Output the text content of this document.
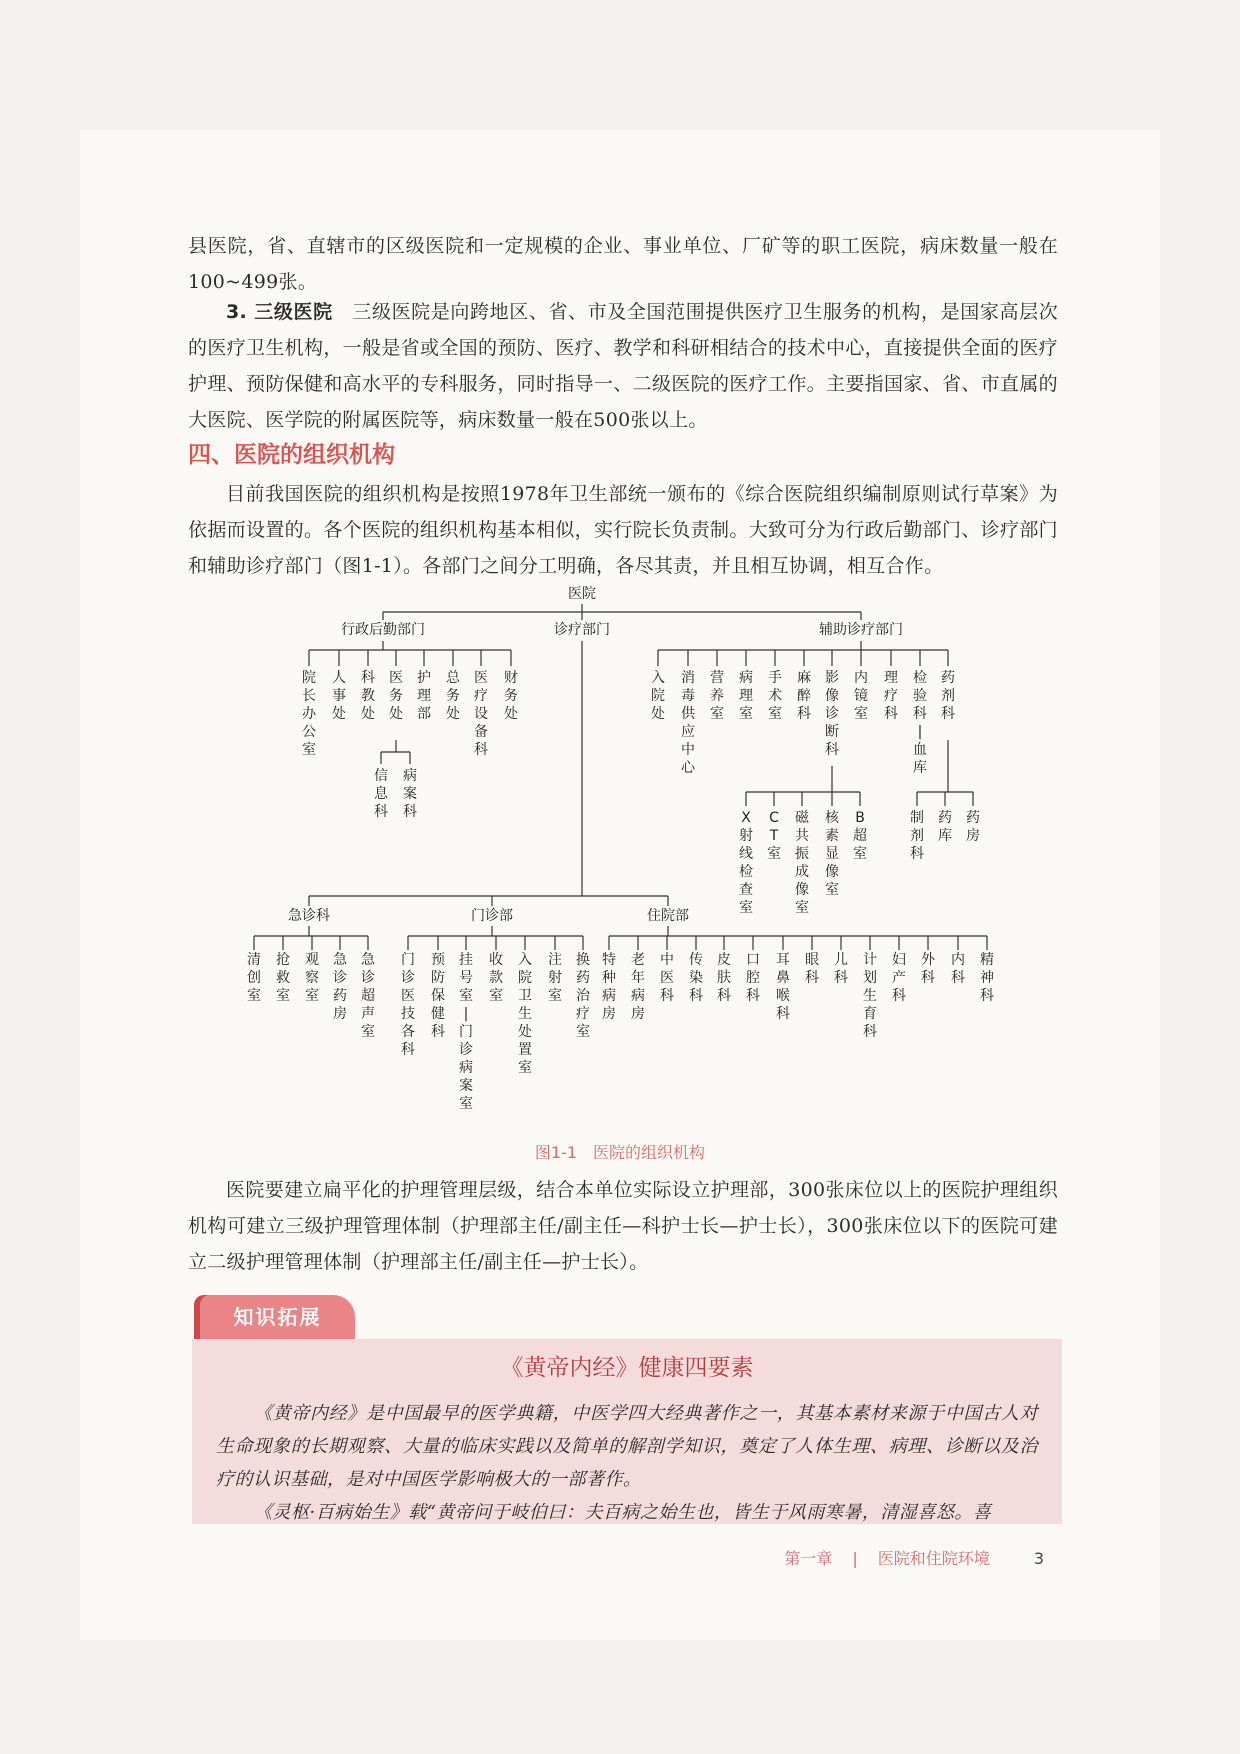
县医院，省、直辖市的区级医院和一定规模的企业、事业单位、厂矿等的职工医院，病床数量一般在100~499张。

3. 三级医院　 三级医院是向跨地区、省、市及全国范围提供医疗卫生服务的机构，是国家高层次的医疗卫生机构，一般是省或全国的预防、医疗、教学和科研相结合的技术中心，直接提供全面的医疗护理、预防保健和高水平的专科服务，同时指导一、二级医院的医疗工作。主要指国家、省、市直属的大医院、医学院的附属医院等，病床数量一般在500张以上。

四、医院的组织机构

目前我国医院的组织机构是按照1978年卫生部统一颁布的《综合医院组织编制原则试行草案》为依据而设置的。各个医院的组织机构基本相似，实行院长负责制。大致可分为行政后勤部门、诊疗部门和辅助诊疗部门（图1-1）。各部门之间分工明确，各尽其责，并且相互协调，相互合作。

医院
行政后勤部门	诊疗部门	辅助诊疗部门
院长办公室
人事处
科教处
医务处
护理部
总务处
医疗设备科
财务处
信息科
病案科
入院处
消毒供应中心
营养室
病理室
手术室
麻醉科
影像诊断科
内镜室
理疗科
检验科|血库
药剂科
X 射线检查室
C T 室
磁共振成像室
核素显像室
B 超室
制剂科
药库
药房
急诊科	门诊部	住院部
清创室
抢救室
观察室
急诊药房
急诊超声室
门诊医技各科
预防保健科
挂号室|门诊病案室
收款室
入院卫生处置室
注射室
换药治疗室
特种病房
老年病房
中医科
传染科
皮肤科
口腔科
耳鼻喉科
眼科
儿科
计划生育科
妇产科
外科
内科
精神科
图1-1　医院的组织机构

医院要建立扁平化的护理管理层级，结合本单位实际设立护理部，300张床位以上的医院护理组织机构可建立三级护理管理体制（护理部主任/副主任—科护士长—护士长），300张床位以下的医院可建立二级护理管理体制（护理部主任/副主任—护士长）。

知识拓展
《黄帝内经》健康四要素

《黄帝内经》是中国最早的医学典籍，中医学四大经典著作之一，其基本素材来源于中国古人对生命现象的长期观察、大量的临床实践以及简单的解剖学知识，奠定了人体生理、病理、诊断以及治疗的认识基础，是对中国医学影响极大的一部著作。

《灵枢·百病始生》载“黄帝问于岐伯曰：夫百病之始生也，皆生于风雨寒暑，清湿喜怒。喜

第一章 | 医院和住院环境	3
